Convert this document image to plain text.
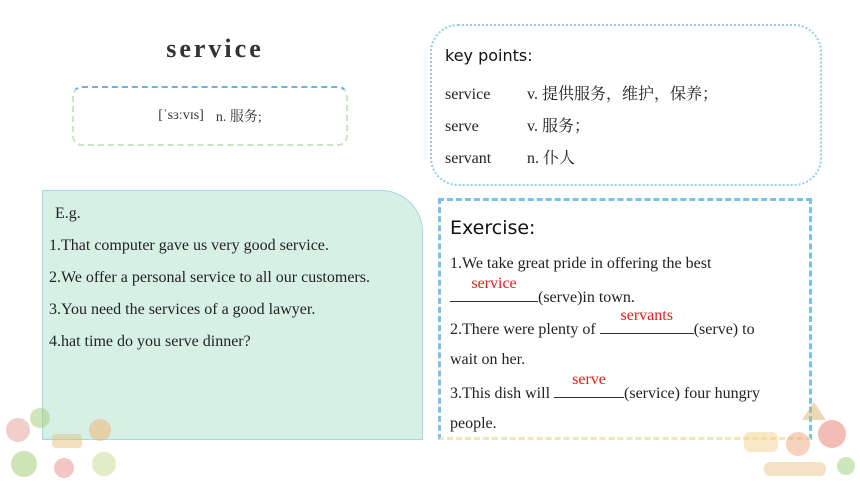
service
[ˈsɜːvɪs] n. 服务;
key points:
service v. 提供服务，维护，保养；
serve	v. 服务；
servant n. 仆人
E.g.
1.That computer gave us very good service.
2.We offer a personal service to all our customers.
3.You need the services of a good lawyer.
4.hat time do you serve dinner?
Exercise:
1.We take great pride in offering the best
service
(serve)in town.
2.There were plenty of
servants
(serve) to
wait on her.
3.This dish will
serve
(service) four hungry
people.
